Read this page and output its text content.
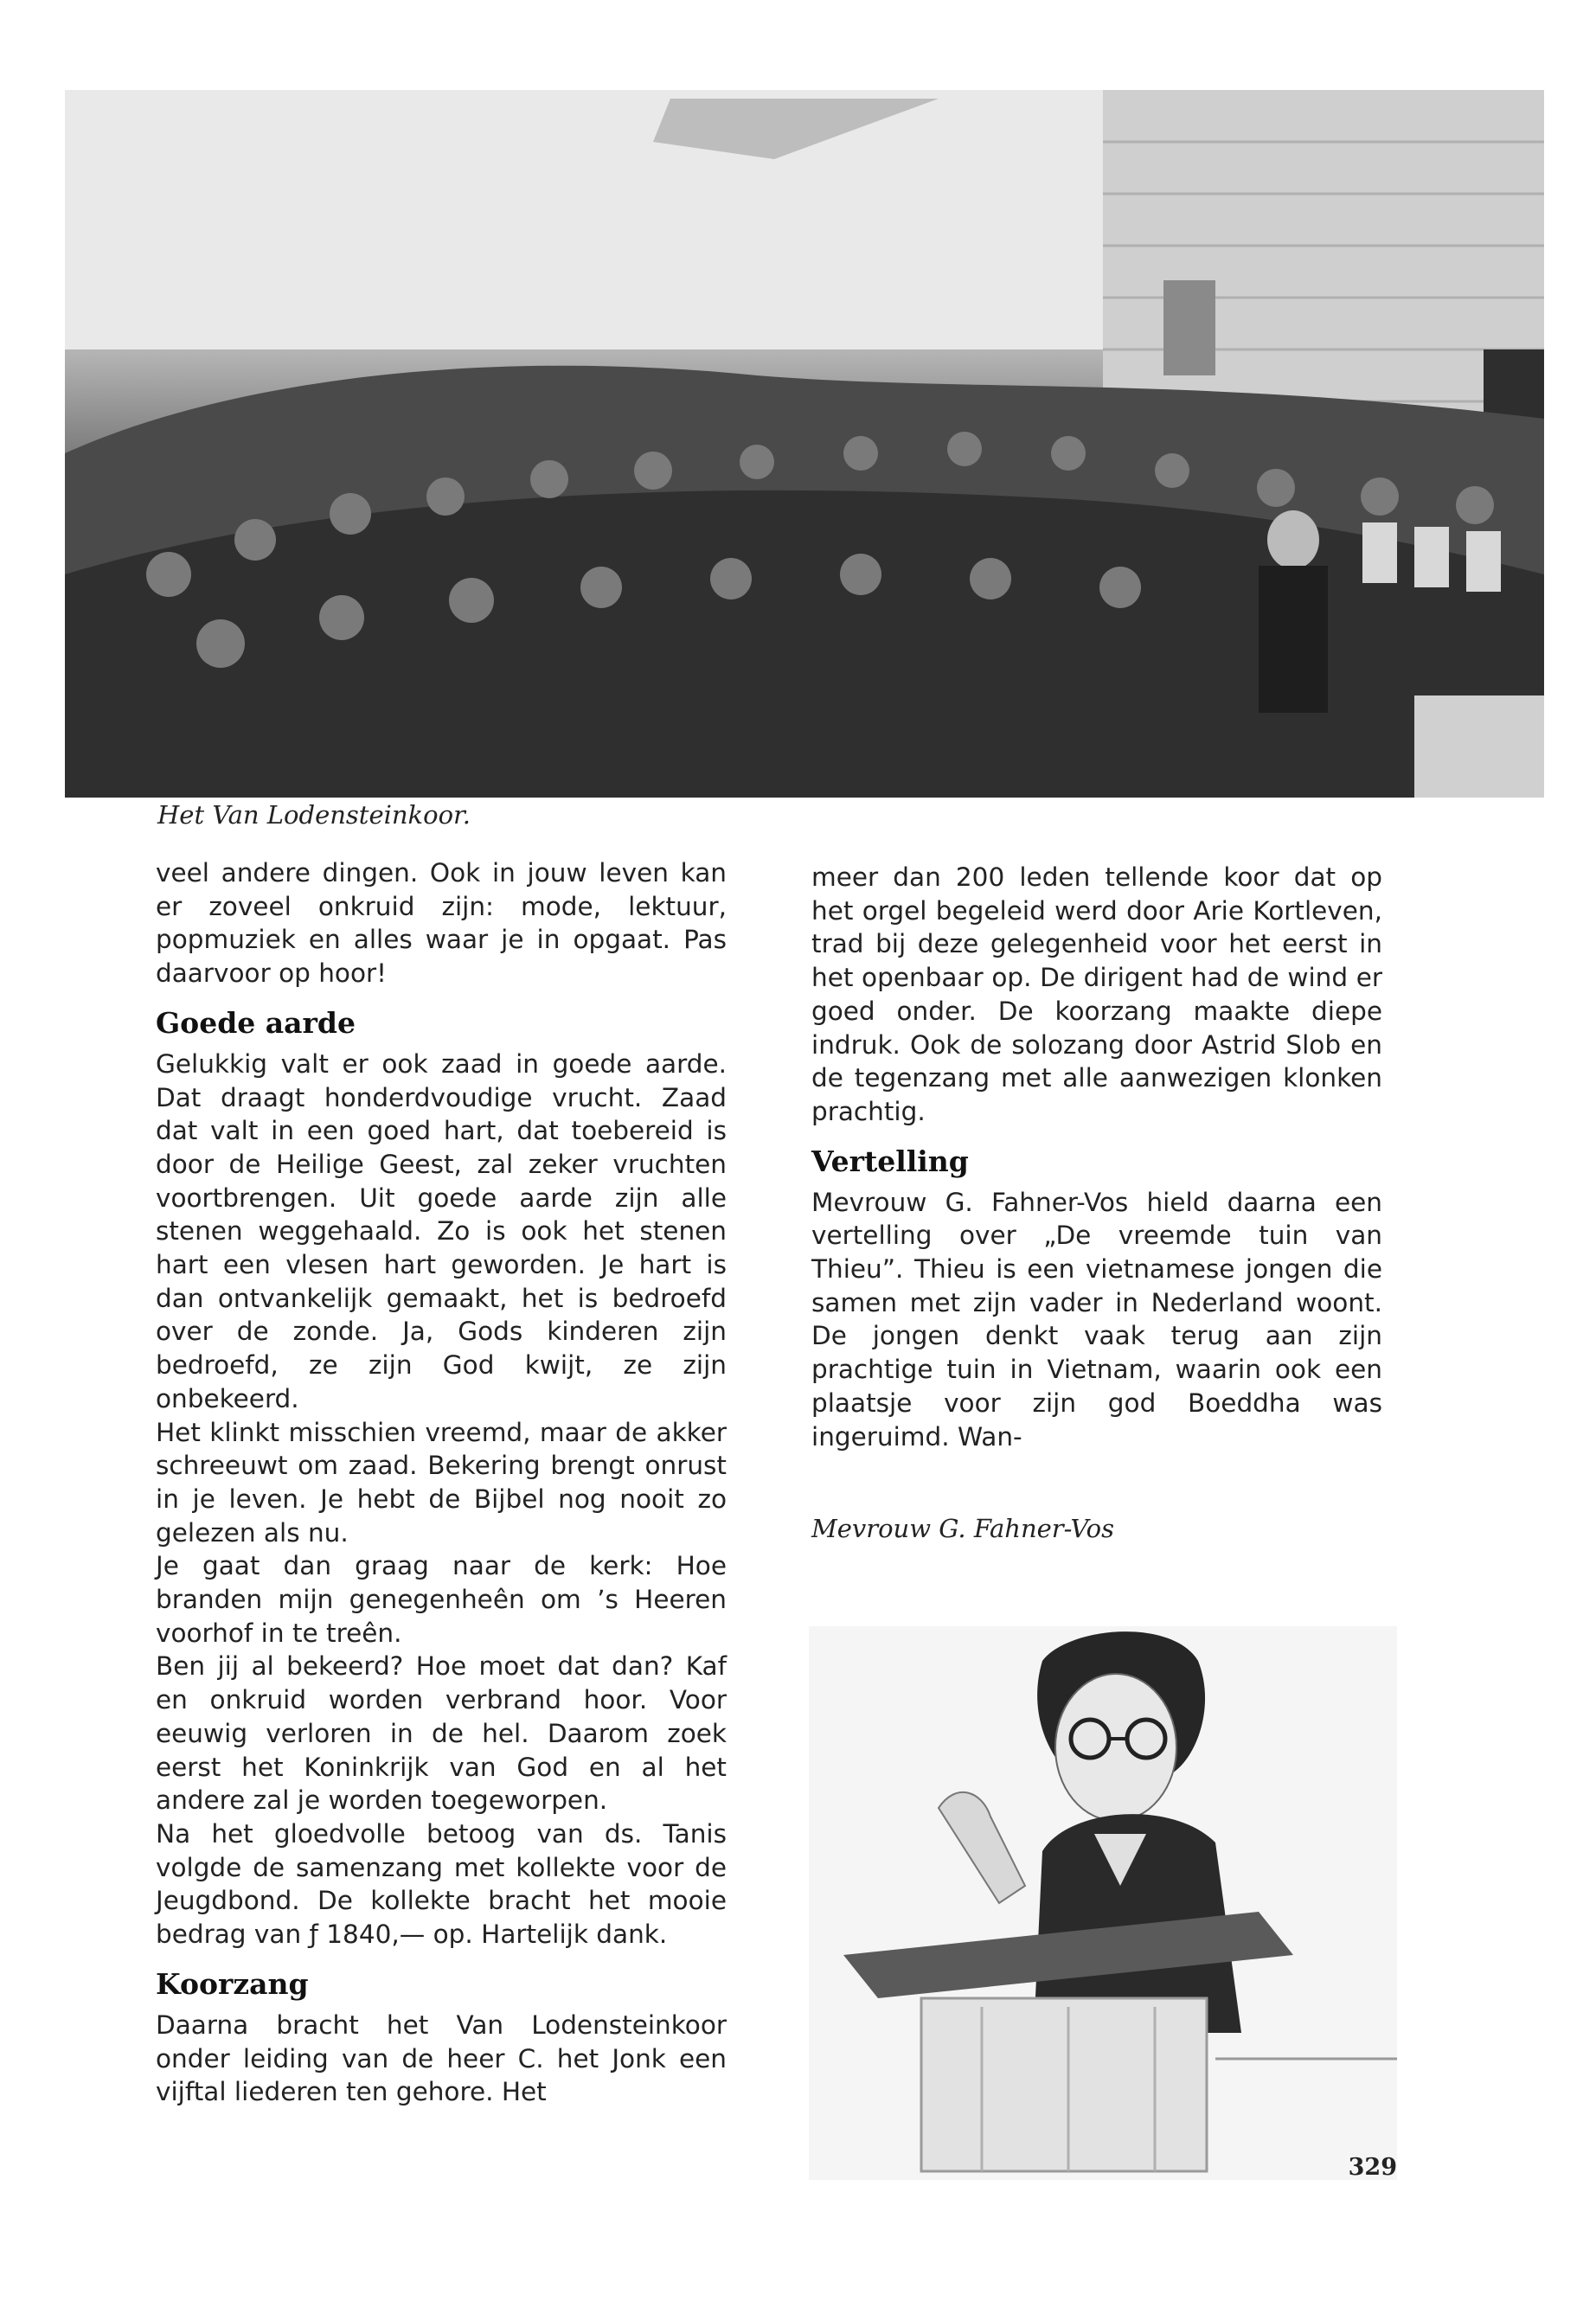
Het Van Lodensteinkoor.

veel andere dingen. Ook in jouw leven kan er zoveel onkruid zijn: mode, lektuur, popmuziek en alles waar je in opgaat. Pas daarvoor op hoor!

Goede aarde

Gelukkig valt er ook zaad in goede aarde. Dat draagt honderdvoudige vrucht. Zaad dat valt in een goed hart, dat toebereid is door de Heilige Geest, zal zeker vruchten voortbrengen. Uit goede aarde zijn alle stenen weggehaald. Zo is ook het stenen hart een vlesen hart geworden. Je hart is dan ontvankelijk gemaakt, het is bedroefd over de zonde. Ja, Gods kinderen zijn bedroefd, ze zijn God kwijt, ze zijn onbekeerd.

Het klinkt misschien vreemd, maar de akker schreeuwt om zaad. Bekering brengt onrust in je leven. Je hebt de Bijbel nog nooit zo gelezen als nu.

Je gaat dan graag naar de kerk: Hoe branden mijn genegenheên om ’s Heeren voorhof in te treên.

Ben jij al bekeerd? Hoe moet dat dan? Kaf en onkruid worden verbrand hoor. Voor eeuwig verloren in de hel. Daarom zoek eerst het Koninkrijk van God en al het andere zal je worden toegeworpen.

Na het gloedvolle betoog van ds. Tanis volgde de samenzang met kollekte voor de Jeugdbond. De kollekte bracht het mooie bedrag van ƒ 1840,— op. Hartelijk dank.

Koorzang

Daarna bracht het Van Lodensteinkoor onder leiding van de heer C. het Jonk een vijftal liederen ten gehore. Het

meer dan 200 leden tellende koor dat op het orgel begeleid werd door Arie Kortleven, trad bij deze gelegenheid voor het eerst in het openbaar op. De dirigent had de wind er goed onder. De koorzang maakte diepe indruk. Ook de solozang door Astrid Slob en de tegenzang met alle aanwezigen klonken prachtig.

Vertelling

Mevrouw G. Fahner-Vos hield daarna een vertelling over „De vreemde tuin van Thieu”. Thieu is een vietnamese jongen die samen met zijn vader in Nederland woont. De jongen denkt vaak terug aan zijn prachtige tuin in Vietnam, waarin ook een plaatsje voor zijn god Boeddha was ingeruimd. Wan-

Mevrouw G. Fahner-Vos

329
